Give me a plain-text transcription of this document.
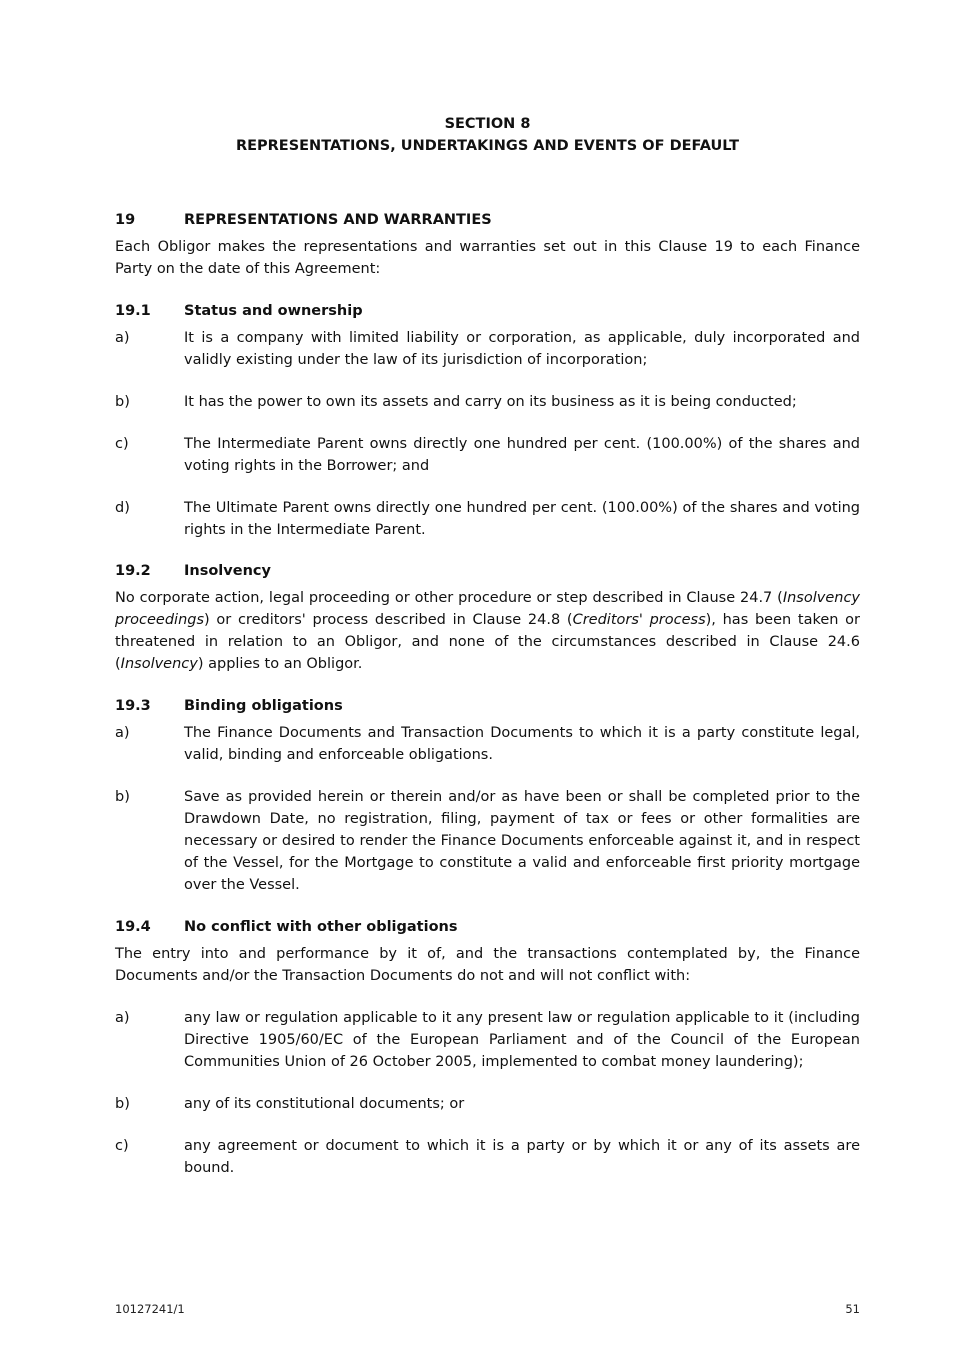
SECTION 8
REPRESENTATIONS, UNDERTAKINGS AND EVENTS OF DEFAULT
19	REPRESENTATIONS AND WARRANTIES
Each Obligor makes the representations and warranties set out in this Clause 19 to each Finance Party on the date of this Agreement:
19.1 Status and ownership
a)	It is a company with limited liability or corporation, as applicable, duly incorporated and validly existing under the law of its jurisdiction of incorporation;
b)	It has the power to own its assets and carry on its business as it is being conducted;
c)	The Intermediate Parent owns directly one hundred per cent. (100.00%) of the shares and voting rights in the Borrower; and
d)	The Ultimate Parent owns directly one hundred per cent. (100.00%) of the shares and voting rights in the Intermediate Parent.
19.2 Insolvency
No corporate action, legal proceeding or other procedure or step described in Clause 24.7 (Insolvency proceedings) or creditors' process described in Clause 24.8 (Creditors' process), has been taken or threatened in relation to an Obligor, and none of the circumstances described in Clause 24.6 (Insolvency) applies to an Obligor.
19.3 Binding obligations
a)	The Finance Documents and Transaction Documents to which it is a party constitute legal, valid, binding and enforceable obligations.
b)	Save as provided herein or therein and/or as have been or shall be completed prior to the Drawdown Date, no registration, filing, payment of tax or fees or other formalities are necessary or desired to render the Finance Documents enforceable against it, and in respect of the Vessel, for the Mortgage to constitute a valid and enforceable first priority mortgage over the Vessel.
19.4 No conflict with other obligations
The entry into and performance by it of, and the transactions contemplated by, the Finance Documents and/or the Transaction Documents do not and will not conflict with:
a)	any law or regulation applicable to it any present law or regulation applicable to it (including Directive 1905/60/EC of the European Parliament and of the Council of the European Communities Union of 26 October 2005, implemented to combat money laundering);
b)	any of its constitutional documents; or
c)	any agreement or document to which it is a party or by which it or any of its assets are bound.
10127241/1	51
